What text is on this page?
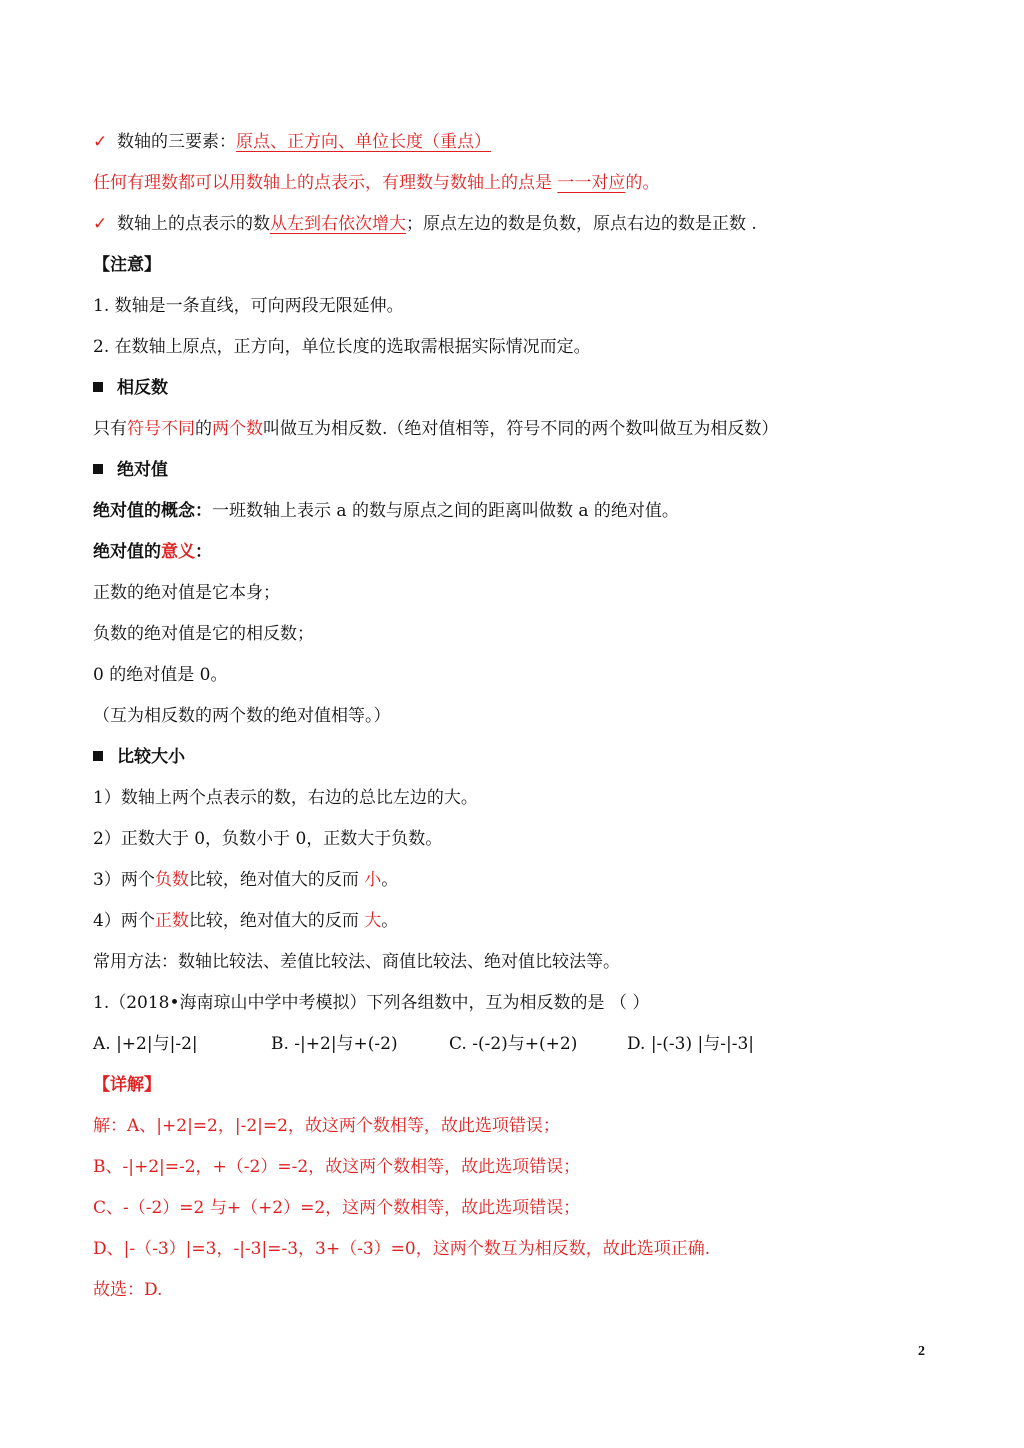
✓ 数轴的三要素：原点、正方向、单位长度（重点）
任何有理数都可以用数轴上的点表示，有理数与数轴上的点是 一一对应的。
✓ 数轴上的点表示的数从左到右依次增大；原点左边的数是负数，原点右边的数是正数 .
【注意】
1. 数轴是一条直线，可向两段无限延伸。
2. 在数轴上原点，正方向，单位长度的选取需根据实际情况而定。
相反数
只有符号不同的两个数叫做互为相反数.（绝对值相等，符号不同的两个数叫做互为相反数）
绝对值
绝对值的概念：一班数轴上表示 a 的数与原点之间的距离叫做数 a 的绝对值。
绝对值的意义：
正数的绝对值是它本身；
负数的绝对值是它的相反数；
0 的绝对值是 0。
（互为相反数的两个数的绝对值相等。）
比较大小
1）数轴上两个点表示的数，右边的总比左边的大。
2）正数大于 0，负数小于 0，正数大于负数。
3）两个负数比较，绝对值大的反而 小。
4）两个正数比较，绝对值大的反而 大。
常用方法：数轴比较法、差值比较法、商值比较法、绝对值比较法等。
1.（2018•海南琼山中学中考模拟）下列各组数中，互为相反数的是 （ ）
A. |+2|与|-2|	B. -|+2|与+(-2)	C. -(-2)与+(+2)	D. |-(-3) |与-|-3|
【详解】
解：A、|+2|=2，|-2|=2，故这两个数相等，故此选项错误；
B、-|+2|=-2，+（-2）=-2，故这两个数相等，故此选项错误；
C、-（-2）=2 与+（+2）=2，这两个数相等，故此选项错误；
D、|-（-3）|=3，-|-3|=-3，3+（-3）=0，这两个数互为相反数，故此选项正确.
故选：D.
2
